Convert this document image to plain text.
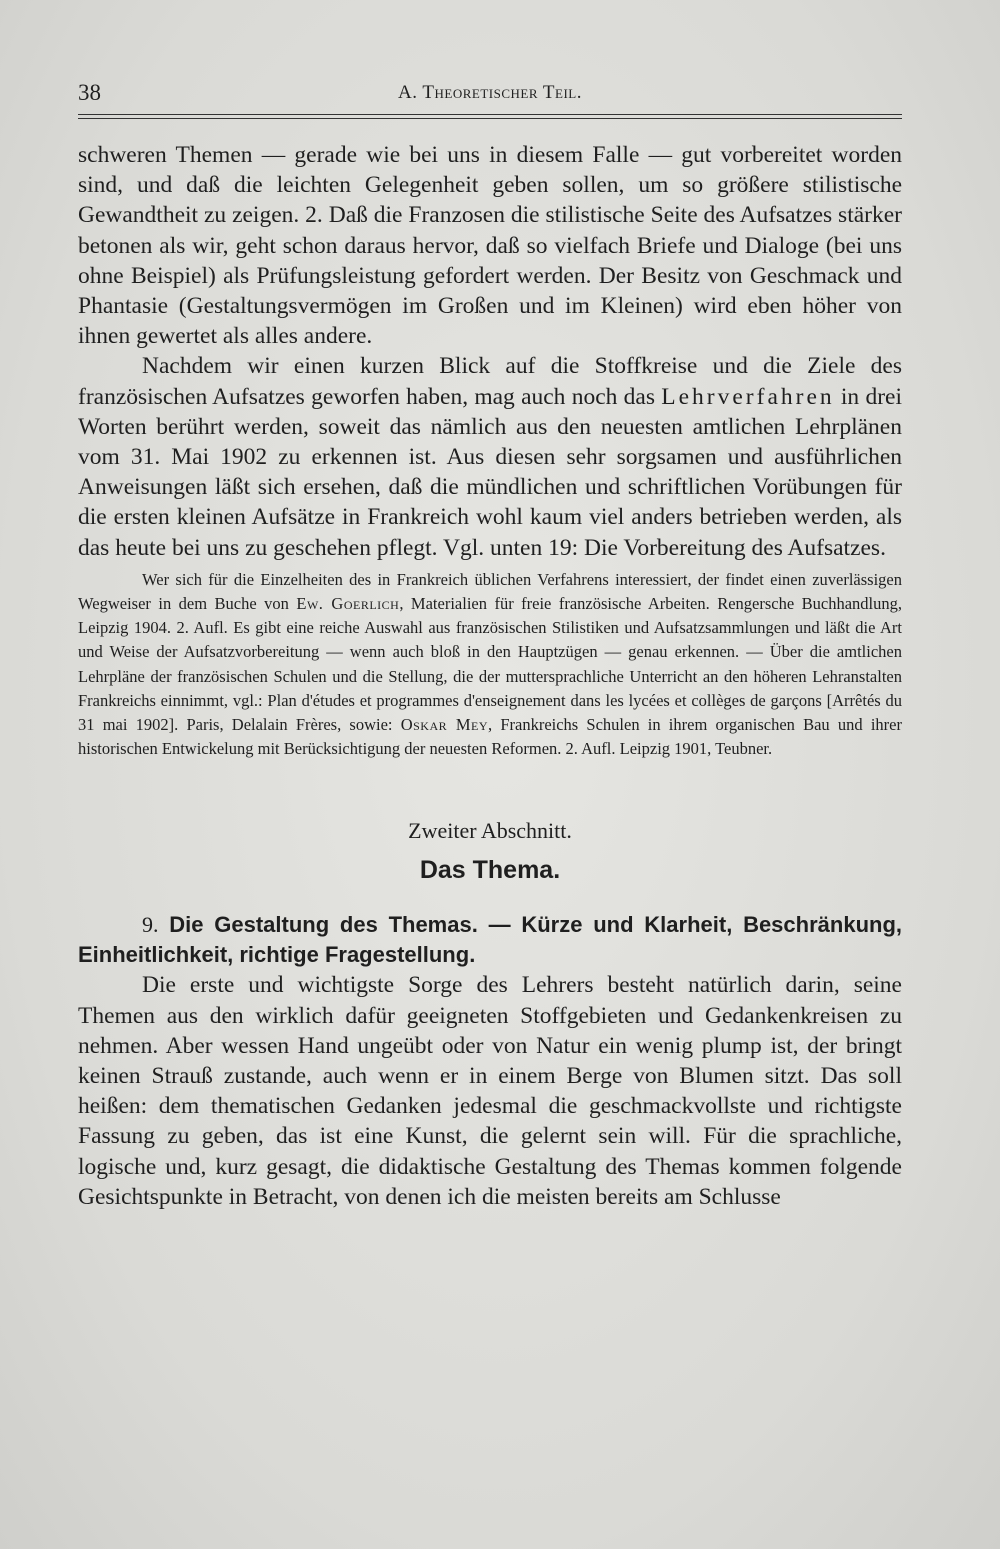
38	A. Theoretischer Teil.

schweren Themen — gerade wie bei uns in diesem Falle — gut vorbereitet worden sind, und daß die leichten Gelegenheit geben sollen, um so größere stilistische Gewandtheit zu zeigen. 2. Daß die Franzosen die stilistische Seite des Aufsatzes stärker betonen als wir, geht schon daraus hervor, daß so vielfach Briefe und Dialoge (bei uns ohne Beispiel) als Prüfungsleistung gefordert werden. Der Besitz von Geschmack und Phantasie (Gestaltungsvermögen im Großen und im Kleinen) wird eben höher von ihnen gewertet als alles andere.

Nachdem wir einen kurzen Blick auf die Stoffkreise und die Ziele des französischen Aufsatzes geworfen haben, mag auch noch das Lehrverfahren in drei Worten berührt werden, soweit das nämlich aus den neuesten amtlichen Lehrplänen vom 31. Mai 1902 zu erkennen ist. Aus diesen sehr sorgsamen und ausführlichen Anweisungen läßt sich ersehen, daß die mündlichen und schriftlichen Vorübungen für die ersten kleinen Aufsätze in Frankreich wohl kaum viel anders betrieben werden, als das heute bei uns zu geschehen pflegt. Vgl. unten 19: Die Vorbereitung des Aufsatzes.

Wer sich für die Einzelheiten des in Frankreich üblichen Verfahrens interessiert, der findet einen zuverlässigen Wegweiser in dem Buche von Ew. Goerlich, Materialien für freie französische Arbeiten. Rengersche Buchhandlung, Leipzig 1904. 2. Aufl. Es gibt eine reiche Auswahl aus französischen Stilistiken und Aufsatzsammlungen und läßt die Art und Weise der Aufsatzvorbereitung — wenn auch bloß in den Hauptzügen — genau erkennen. — Über die amtlichen Lehrpläne der französischen Schulen und die Stellung, die der muttersprachliche Unterricht an den höheren Lehranstalten Frankreichs einnimmt, vgl.: Plan d'études et programmes d'enseignement dans les lycées et collèges de garçons [Arrêtés du 31 mai 1902]. Paris, Delalain Frères, sowie: Oskar Mey, Frankreichs Schulen in ihrem organischen Bau und ihrer historischen Entwickelung mit Berücksichtigung der neuesten Reformen. 2. Aufl. Leipzig 1901, Teubner.

Zweiter Abschnitt.
Das Thema.

9. Die Gestaltung des Themas. — Kürze und Klarheit, Beschränkung, Einheitlichkeit, richtige Fragestellung.

Die erste und wichtigste Sorge des Lehrers besteht natürlich darin, seine Themen aus den wirklich dafür geeigneten Stoffgebieten und Gedankenkreisen zu nehmen. Aber wessen Hand ungeübt oder von Natur ein wenig plump ist, der bringt keinen Strauß zustande, auch wenn er in einem Berge von Blumen sitzt. Das soll heißen: dem thematischen Gedanken jedesmal die geschmackvollste und richtigste Fassung zu geben, das ist eine Kunst, die gelernt sein will. Für die sprachliche, logische und, kurz gesagt, die didaktische Gestaltung des Themas kommen folgende Gesichtspunkte in Betracht, von denen ich die meisten bereits am Schlusse
